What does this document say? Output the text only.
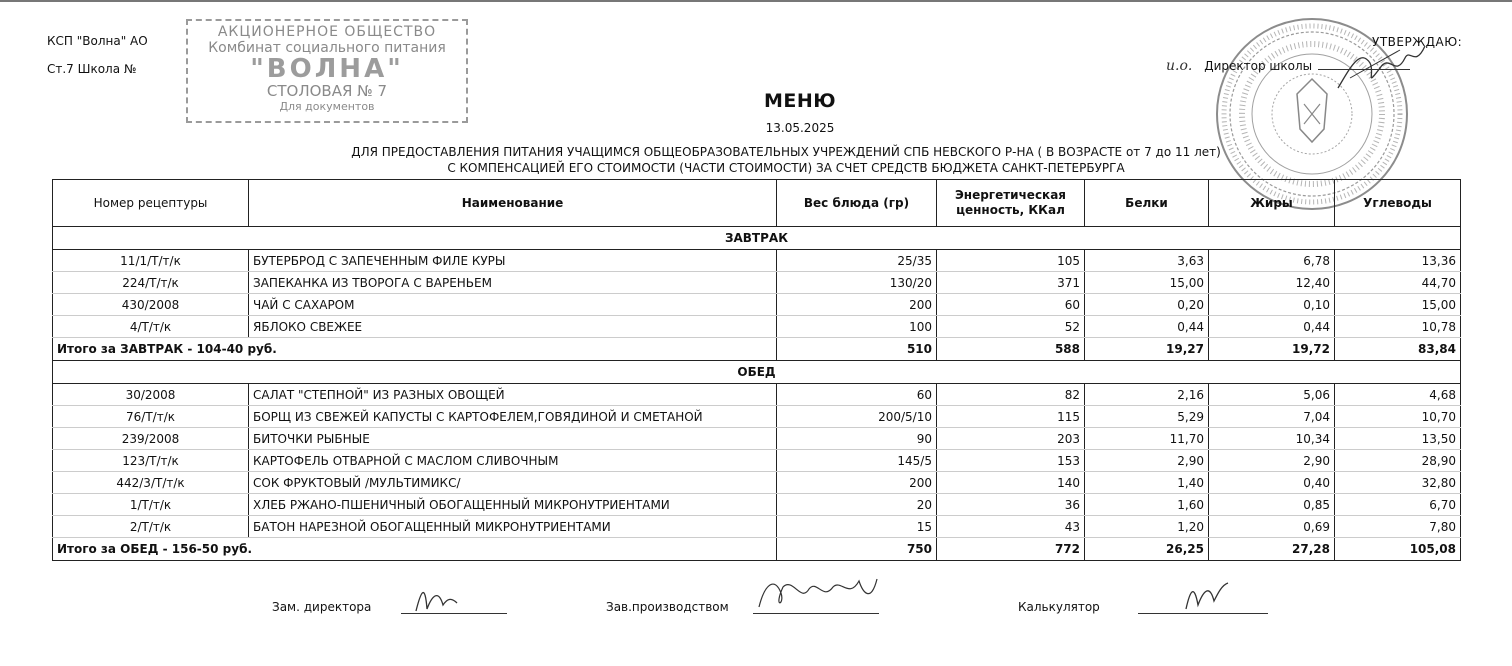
КСП "Волна" АО
Ст.7 Школа №
АКЦИОНЕРНОЕ ОБЩЕСТВО
Комбинат социального питания
"ВОЛНА"
СТОЛОВАЯ № 7
Для документов
УТВЕРЖДАЮ:
и.о. Директор школы
МЕНЮ
13.05.2025
ДЛЯ ПРЕДОСТАВЛЕНИЯ ПИТАНИЯ УЧАЩИМСЯ ОБЩЕОБРАЗОВАТЕЛЬНЫХ УЧРЕЖДЕНИЙ СПБ НЕВСКОГО Р-НА ( В ВОЗРАСТЕ от 7 до 11 лет)
С КОМПЕНСАЦИЕЙ ЕГО СТОИМОСТИ (ЧАСТИ СТОИМОСТИ) ЗА СЧЕТ СРЕДСТВ БЮДЖЕТА САНКТ-ПЕТЕРБУРГА
Номер рецептуры	Наименование	Вес блюда (гр)	Энергетическая ценность, ККал	Белки	Жиры	Углеводы
ЗАВТРАК						
11/1/Т/т/к	БУТЕРБРОД С ЗАПЕЧЕННЫМ ФИЛЕ КУРЫ	25/35	105	3,63	6,78	13,36
224/Т/т/к	ЗАПЕКАНКА ИЗ ТВОРОГА С ВАРЕНЬЕМ	130/20	371	15,00	12,40	44,70
430/2008	ЧАЙ С САХАРОМ	200	60	0,20	0,10	15,00
4/Т/т/к	ЯБЛОКО СВЕЖЕЕ	100	52	0,44	0,44	10,78
Итого за ЗАВТРАК - 104-40 руб.		510	588	19,27	19,72	83,84
ОБЕД						
30/2008	САЛАТ "СТЕПНОЙ" ИЗ РАЗНЫХ ОВОЩЕЙ	60	82	2,16	5,06	4,68
76/Т/т/к	БОРЩ ИЗ СВЕЖЕЙ КАПУСТЫ С КАРТОФЕЛЕМ,ГОВЯДИНОЙ И СМЕТАНОЙ	200/5/10	115	5,29	7,04	10,70
239/2008	БИТОЧКИ РЫБНЫЕ	90	203	11,70	10,34	13,50
123/Т/т/к	КАРТОФЕЛЬ ОТВАРНОЙ С МАСЛОМ СЛИВОЧНЫМ	145/5	153	2,90	2,90	28,90
442/3/Т/т/к	СОК ФРУКТОВЫЙ /МУЛЬТИМИКС/	200	140	1,40	0,40	32,80
1/Т/т/к	ХЛЕБ РЖАНО-ПШЕНИЧНЫЙ ОБОГАЩЕННЫЙ МИКРОНУТРИЕНТАМИ	20	36	1,60	0,85	6,70
2/Т/т/к	БАТОН НАРЕЗНОЙ ОБОГАЩЕННЫЙ МИКРОНУТРИЕНТАМИ	15	43	1,20	0,69	7,80
Итого за ОБЕД - 156-50 руб.		750	772	26,25	27,28	105,08
Зам. директора	Зав.производством	Калькулятор
